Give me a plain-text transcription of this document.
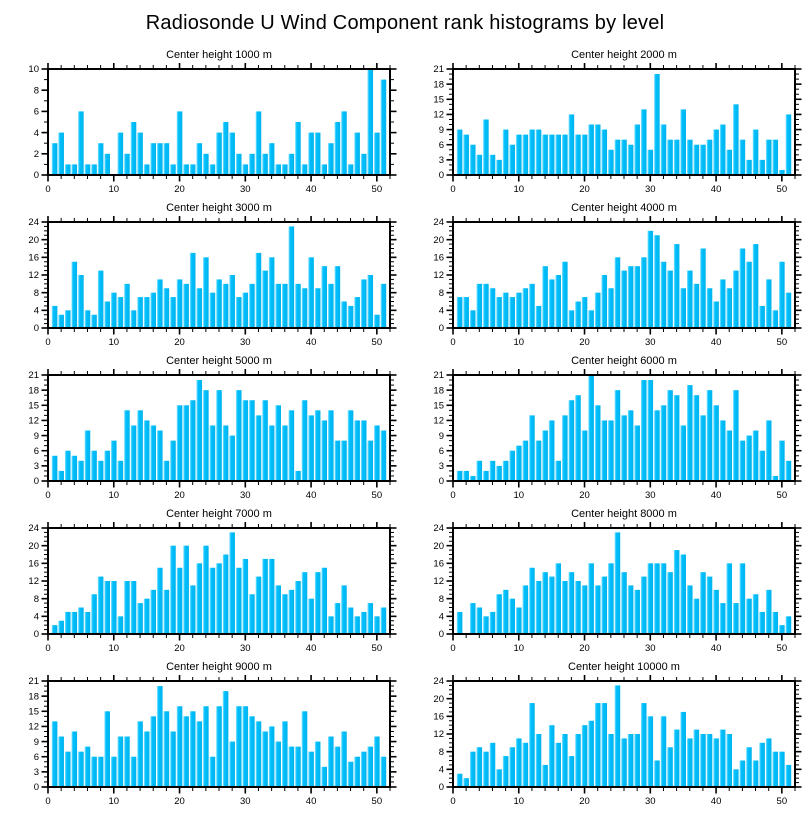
Radiosonde U Wind Component rank histograms by level
Center height 1000 m
0	10	20	30	40	50
0
2
4
6
8
10
Center height 2000 m
0	10	20	30	40	50
0
3
6
9
12
15
18
21
Center height 3000 m
0	10	20	30	40	50
0
4
8
12
16
20
24
Center height 4000 m
0	10	20	30	40	50
0
4
8
12
16
20
24
Center height 5000 m
0	10	20	30	40	50
0
3
6
9
12
15
18
21
Center height 6000 m
0	10	20	30	40	50
0
3
6
9
12
15
18
21
Center height 7000 m
0	10	20	30	40	50
0
4
8
12
16
20
24
Center height 8000 m
0	10	20	30	40	50
0
4
8
12
16
20
24
Center height 9000 m
0	10	20	30	40	50
0
3
6
9
12
15
18
21
Center height 10000 m
0	10	20	30	40	50
0
4
8
12
16
20
24
